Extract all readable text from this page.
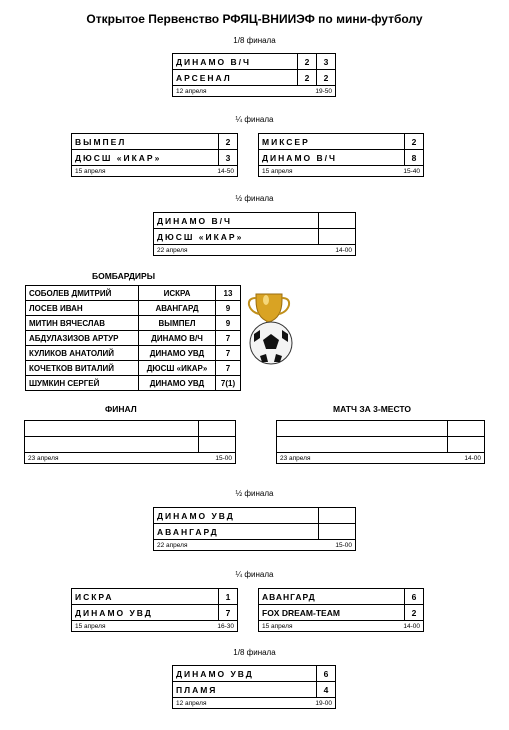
Открытое Первенство РФЯЦ-ВНИИЭФ по мини-футболу
1/8 финала
ДИНАМО В/Ч	2	3
АРСЕНАЛ	2	2

12 апреля 19-50		
¼ финала
ВЫМПЕЛ	2
ДЮСШ «ИКАР»	3

15 апреля 14-50	
МИКСЕР	2
ДИНАМО В/Ч	8

15 апреля 15-40	
½ финала
ДИНАМО В/Ч	
ДЮСШ «ИКАР»	

22 апреля 14-00	
БОМБАРДИРЫ
СОБОЛЕВ ДМИТРИЙ	ИСКРА	13
ЛОСЕВ ИВАН	АВАНГАРД	9
МИТИН ВЯЧЕСЛАВ	ВЫМПЕЛ	9
АБДУЛАЗИЗОВ АРТУР	ДИНАМО В/Ч	7
КУЛИКОВ АНАТОЛИЙ	ДИНАМО УВД	7
КОЧЕТКОВ ВИТАЛИЙ	ДЮСШ «ИКАР»	7
ШУМКИН СЕРГЕЙ	ДИНАМО УВД	7(1)
ФИНАЛ	МАТЧ ЗА 3-МЕСТО

23 апреля 15-00	

		23 апреля 14-00	
½ финала
ДИНАМО УВД	
АВАНГАРД	

22 апреля 15-00	
¼ финала
ИСКРА	1
ДИНАМО УВД	7

15 апреля 16-30	
АВАНГАРД	6
FOX DREAM-TEAM	2

15 апреля 14-00	
1/8 финала
ДИНАМО УВД	6
ПЛАМЯ	4

12 апреля 19-00	
